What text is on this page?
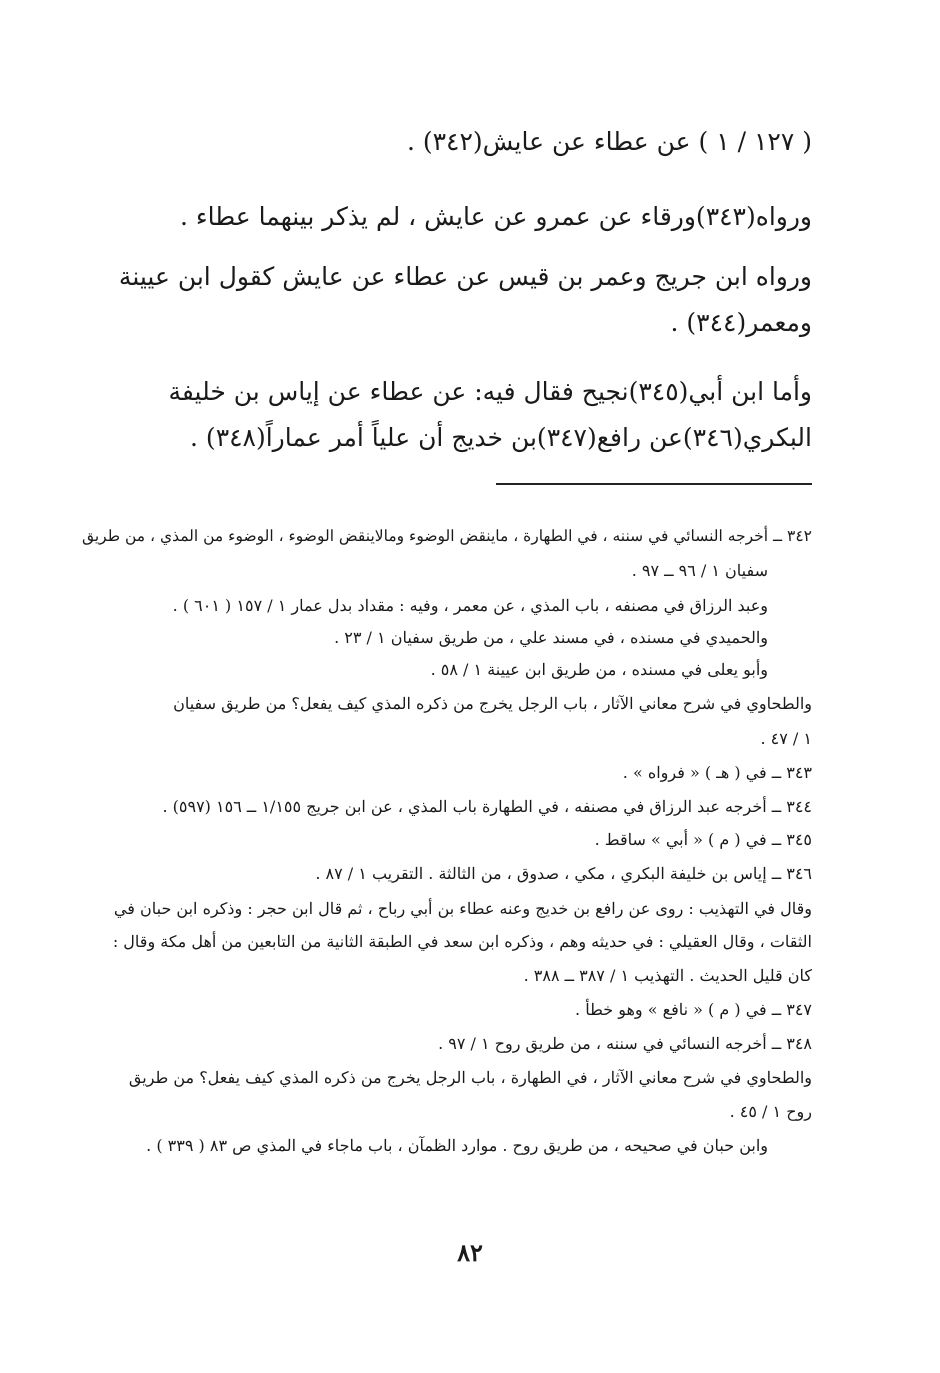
( ١٢٧ / ١ ) عن عطاء عن عايش(٣٤٢) .
ورواه(٣٤٣)ورقاء عن عمرو عن عايش ، لم يذكر بينهما عطاء .
ورواه ابن جريج وعمر بن قيس عن عطاء عن عايش كقول ابن عيينة
ومعمر(٣٤٤) .
وأما ابن أبي(٣٤٥)نجيح فقال فيه: عن عطاء عن إياس بن خليفة
البكري(٣٤٦)عن رافع(٣٤٧)بن خديج أن علياً أمر عماراً(٣٤٨) .
٣٤٢ ــ أخرجه النسائي في سننه ، في الطهارة ، ماينقض الوضوء ومالاينقض الوضوء ، الوضوء من المذي ، من طريق
سفيان ١ / ٩٦ ــ ٩٧ .
وعبد الرزاق في مصنفه ، باب المذي ، عن معمر ، وفيه : مقداد بدل عمار ١ / ١٥٧ ( ٦٠١ ) .
والحميدي في مسنده ، في مسند علي ، من طريق سفيان ١ / ٢٣ .
وأبو يعلى في مسنده ، من طريق ابن عيينة ١ / ٥٨ .
والطحاوي في شرح معاني الآثار ، باب الرجل يخرج من ذكره المذي كيف يفعل؟ من طريق سفيان
١ / ٤٧ .
٣٤٣ ــ في ( هـ ) « فرواه » .
٣٤٤ ــ أخرجه عبد الرزاق في مصنفه ، في الطهارة باب المذي ، عن ابن جريج ١/١٥٥ ــ ١٥٦ (٥٩٧) .
٣٤٥ ــ في ( م ) « أبي » ساقط .
٣٤٦ ــ إياس بن خليفة البكري ، مكي ، صدوق ، من الثالثة . التقريب ١ / ٨٧ .
وقال في التهذيب : روى عن رافع بن خديج وعنه عطاء بن أبي رباح ، ثم قال ابن حجر : وذكره ابن حبان في
الثقات ، وقال العقيلي : في حديثه وهم ، وذكره ابن سعد في الطبقة الثانية من التابعين من أهل مكة وقال :
كان قليل الحديث . التهذيب ١ / ٣٨٧ ــ ٣٨٨ .
٣٤٧ ــ في ( م ) « نافع » وهو خطأ .
٣٤٨ ــ أخرجه النسائي في سننه ، من طريق روح ١ / ٩٧ .
والطحاوي في شرح معاني الآثار ، في الطهارة ، باب الرجل يخرج من ذكره المذي كيف يفعل؟ من طريق
روح ١ / ٤٥ .
وابن حبان في صحيحه ، من طريق روح . موارد الظمآن ، باب ماجاء في المذي ص ٨٣ ( ٣٣٩ ) .
٨٢
